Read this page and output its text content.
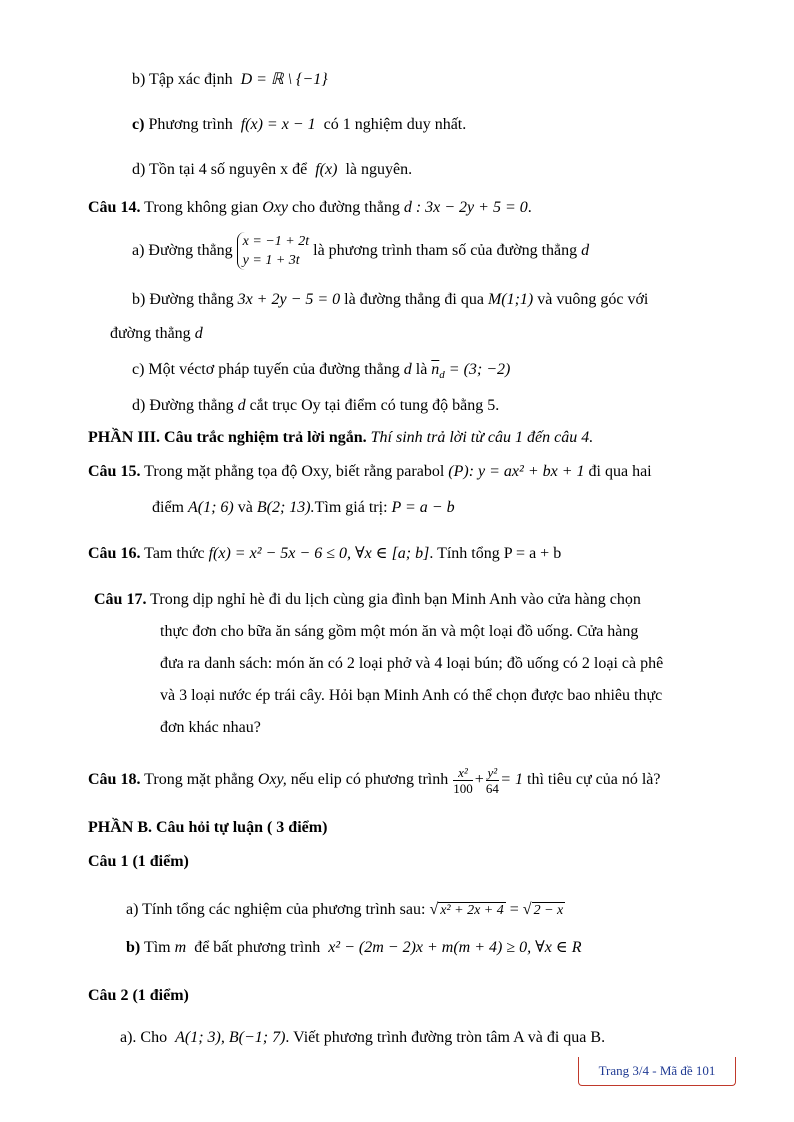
b) Tập xác định D = ℝ \ {−1}
c) Phương trình f(x) = x − 1 có 1 nghiệm duy nhất.
d) Tồn tại 4 số nguyên x để f(x) là nguyên.
Câu 14. Trong không gian Oxy cho đường thẳng d : 3x − 2y + 5 = 0.
a) Đường thẳng
x = −1 + 2t
y = 1 + 3t
là phương trình tham số của đường thẳng d
b) Đường thẳng 3x + 2y − 5 = 0 là đường thẳng đi qua M(1;1) và vuông góc với
đường thẳng d
c) Một véctơ pháp tuyến của đường thẳng d là $\overline{n}_d = (3$; −2)
d) Đường thẳng d cắt trục Oy tại điểm có tung độ bằng 5.
PHẦN III. Câu trắc nghiệm trả lời ngắn. Thí sinh trả lời từ câu 1 đến câu 4.
Câu 15. Trong mặt phẳng tọa độ Oxy, biết rằng parabol (P): y = ax² + bx + 1 đi qua hai
điểm A(1; 6) và B(2; 13).Tìm giá trị: P = a − b
Câu 16. Tam thức f(x) = x² − 5x − 6 ≤ 0, ∀x ∈ [a; b]. Tính tổng P = a + b
Câu 17. Trong dịp nghỉ hè đi du lịch cùng gia đình bạn Minh Anh vào cửa hàng chọn
thực đơn cho bữa ăn sáng gồm một món ăn và một loại đồ uống. Cửa hàng
đưa ra danh sách: món ăn có 2 loại phở và 4 loại bún; đồ uống có 2 loại cà phê
và 3 loại nước ép trái cây. Hỏi bạn Minh Anh có thể chọn được bao nhiêu thực
đơn khác nhau?
Câu 18. Trong mặt phẳng Oxy, nếu elip có phương trình $\frac{\text{x²}}{100} + \frac{\text{y²}}{64} = 1$ thì tiêu cự của nó là?
PHẦN B. Câu hỏi tự luận ( 3 điểm)
Câu 1 (1 điểm)
a) Tính tổng các nghiệm của phương trình sau: √ x² + 2x + 4 = √ 2 − x
b) Tìm m để bất phương trình x² − (2m − 2)x + m(m + 4) ≥ 0, ∀x ∈ R
Câu 2 (1 điểm)
a). Cho A(1; 3), B(−1; 7). Viết phương trình đường tròn tâm A và đi qua B.
Trang 3/4 - Mã đề 101
